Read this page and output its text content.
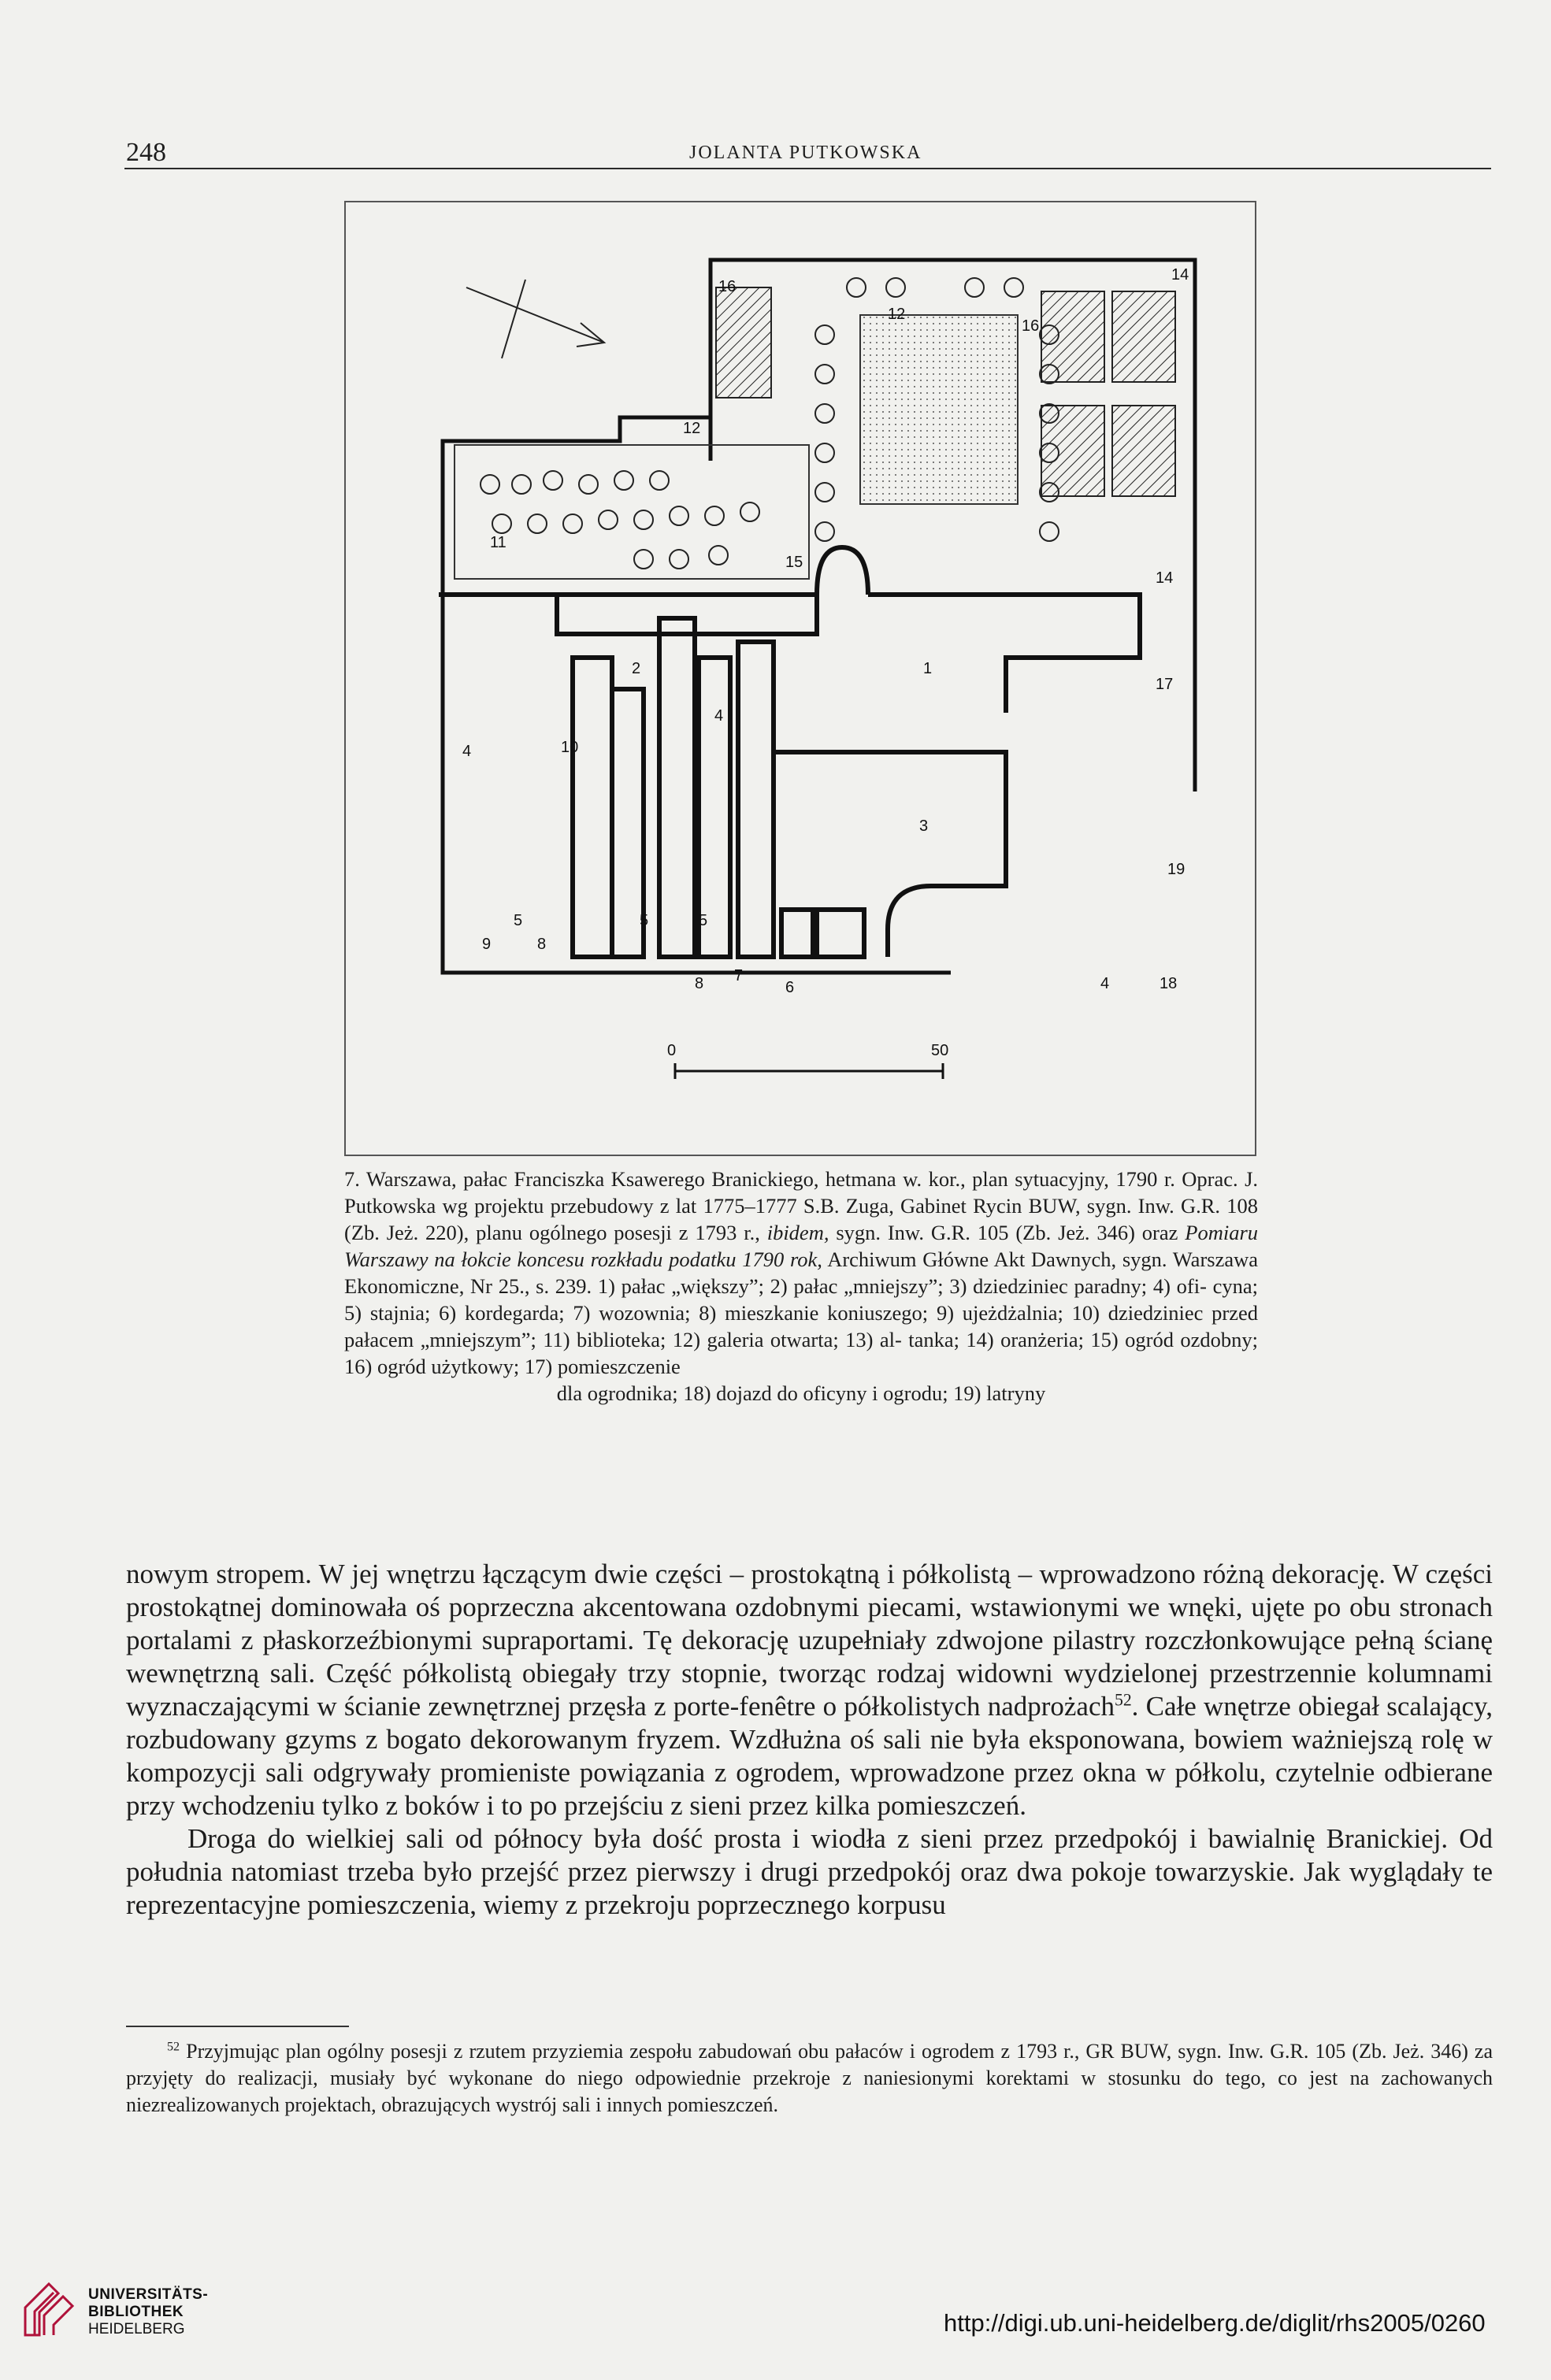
248	JOLANTA PUTKOWSKA
16
12
16
14
12
11
15
14
2	1
17
4
10
4
3
19
5	5	5
9	8
7
8	6	4	18
0	50
7. Warszawa, pałac Franciszka Ksawerego Branickiego, hetmana w. kor., plan sytuacyjny, 1790 r. Oprac. J. Putkowska wg projektu przebudowy z lat 1775–1777 S.B. Zuga, Gabinet Rycin BUW, sygn. Inw. G.R. 108 (Zb. Jeż. 220), planu ogólnego posesji z 1793 r., ibidem, sygn. Inw. G.R. 105 (Zb. Jeż. 346) oraz Pomiaru Warszawy na łokcie koncesu rozkładu podatku 1790 rok, Archiwum Główne Akt Dawnych, sygn. Warszawa Ekonomiczne, Nr 25., s. 239. 1) pałac „większy”; 2) pałac „mniejszy”; 3) dziedziniec paradny; 4) ofi- cyna; 5) stajnia; 6) kordegarda; 7) wozownia; 8) mieszkanie koniuszego; 9) ujeżdżalnia; 10) dziedziniec przed pałacem „mniejszym”; 11) biblioteka; 12) galeria otwarta; 13) al- tanka; 14) oranżeria; 15) ogród ozdobny; 16) ogród użytkowy; 17) pomieszczenie
dla ogrodnika; 18) dojazd do oficyny i ogrodu; 19) latryny

nowym stropem. W jej wnętrzu łączącym dwie części – prostokątną i półkolistą – wprowadzono różną dekorację. W części prostokątnej dominowała oś poprzeczna akcentowana ozdobnymi piecami, wstawionymi we wnęki, ujęte po obu stronach portalami z płaskorzeźbionymi supraportami. Tę dekorację uzupełniały zdwojone pilastry rozczłonkowujące pełną ścianę wewnętrzną sali. Część półkolistą obiegały trzy stopnie, tworząc rodzaj widowni wydzielonej przestrzennie kolumnami wyznaczającymi w ścianie zewnętrznej przęsła z porte-fenêtre o półkolistych nadprożach$^{52}$. Całe wnętrze obiegał scalający, rozbudowany gzyms z bogato dekorowanym fryzem. Wzdłużna oś sali nie była eksponowana, bowiem ważniejszą rolę w kompozycji sali odgrywały promieniste powiązania z ogrodem, wprowadzone przez okna w półkolu, czytelnie odbierane przy wchodzeniu tylko z boków i to po przejściu z sieni przez kilka pomieszczeń.

Droga do wielkiej sali od północy była dość prosta i wiodła z sieni przez przedpokój i bawialnię Branickiej. Od południa natomiast trzeba było przejść przez pierwszy i drugi przedpokój oraz dwa pokoje towarzyskie. Jak wyglądały te reprezentacyjne pomieszczenia, wiemy z przekroju poprzecznego korpusu

$^{52}$ Przyjmując plan ogólny posesji z rzutem przyziemia zespołu zabudowań obu pałaców i ogrodem z 1793 r., GR BUW, sygn. Inw. G.R. 105 (Zb. Jeż. 346) za przyjęty do realizacji, musiały być wykonane do niego odpowiednie przekroje z naniesionymi korektami w stosunku do tego, co jest na zachowanych niezrealizowanych projektach, obrazujących wystrój sali i innych pomieszczeń.

UNIVERSITÄTS-
BIBLIOTHEK
HEIDELBERG	http://digi.ub.uni-heidelberg.de/diglit/rhs2005/0260
